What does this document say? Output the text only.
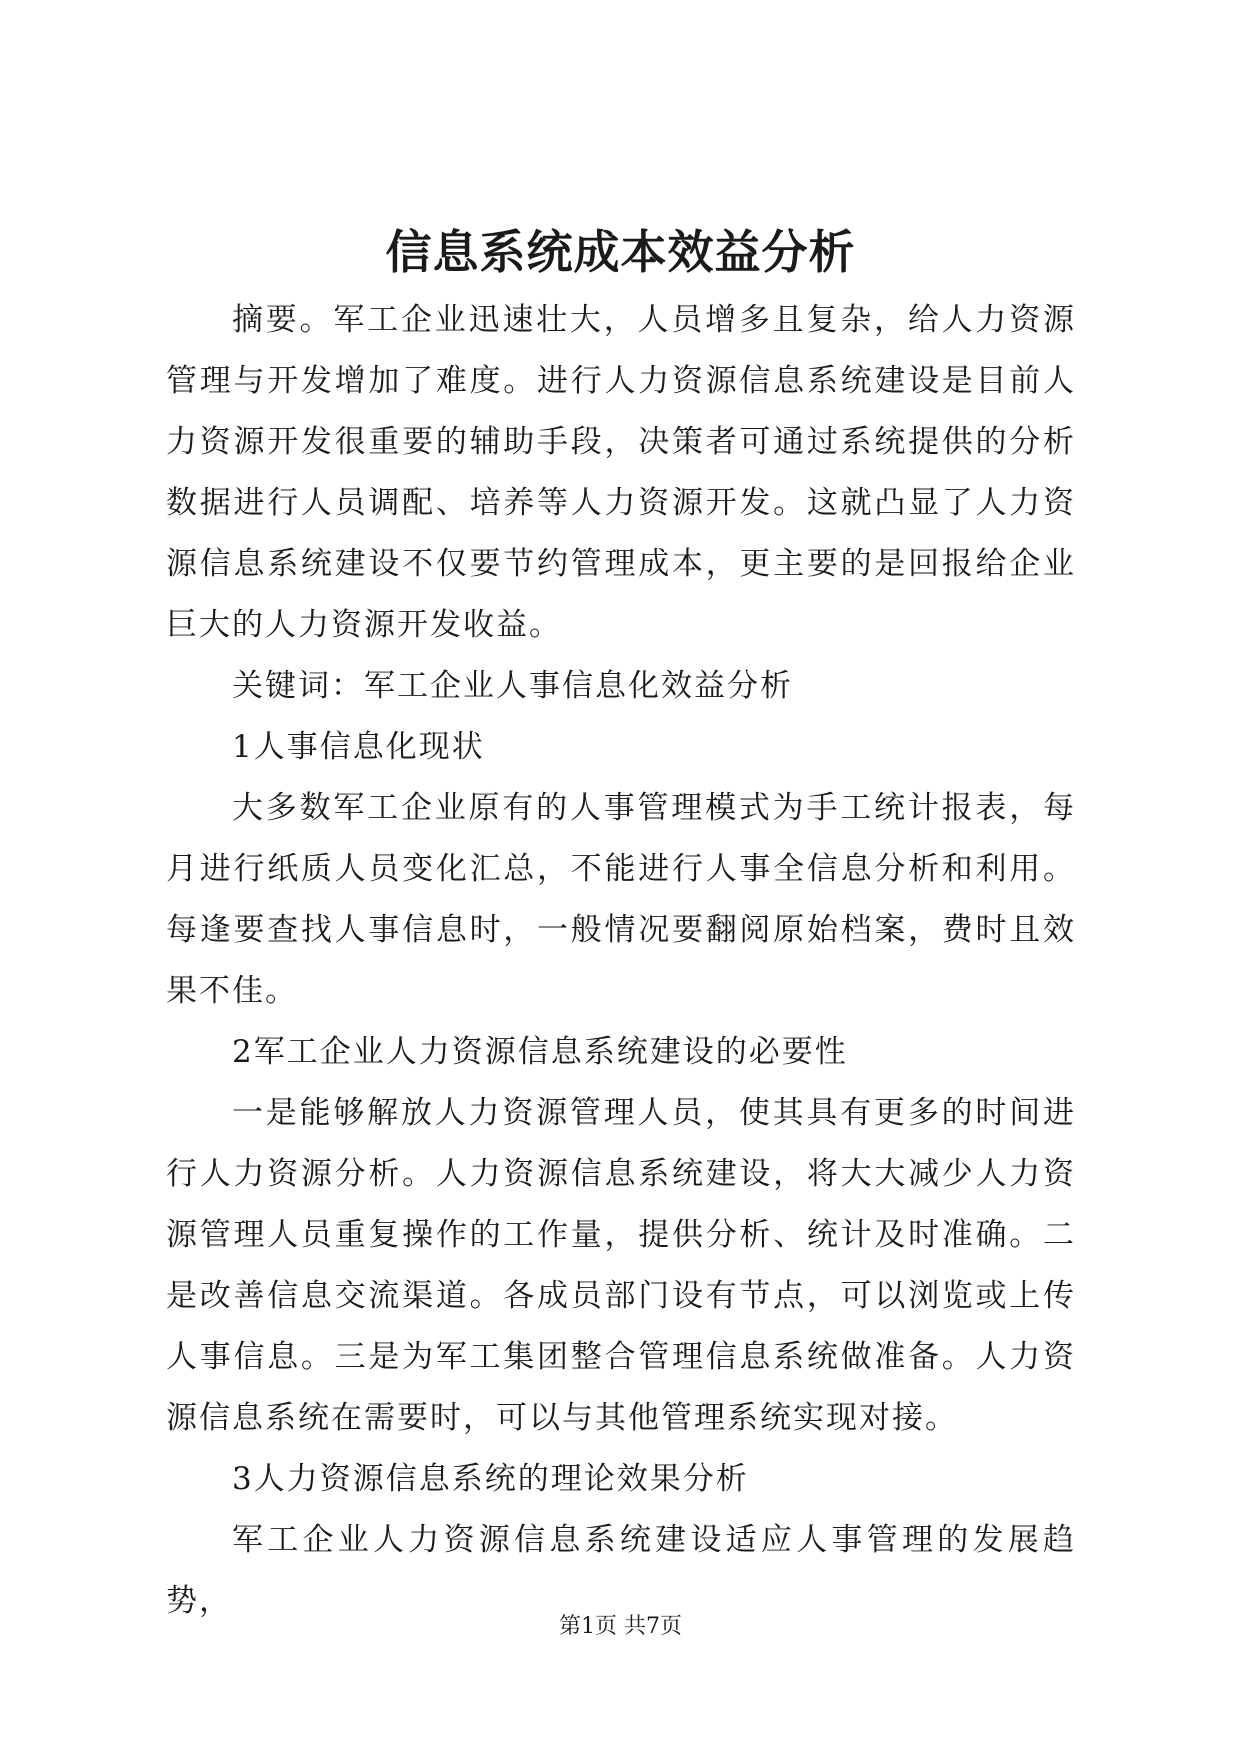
信息系统成本效益分析

摘要。军工企业迅速壮大，人员增多且复杂，给人力资源管理与开发增加了难度。进行人力资源信息系统建设是目前人力资源开发很重要的辅助手段，决策者可通过系统提供的分析数据进行人员调配、培养等人力资源开发。这就凸显了人力资源信息系统建设不仅要节约管理成本，更主要的是回报给企业巨大的人力资源开发收益。

关键词：军工企业人事信息化效益分析

1人事信息化现状

大多数军工企业原有的人事管理模式为手工统计报表，每月进行纸质人员变化汇总，不能进行人事全信息分析和利用。每逢要查找人事信息时，一般情况要翻阅原始档案，费时且效果不佳。

2军工企业人力资源信息系统建设的必要性

一是能够解放人力资源管理人员，使其具有更多的时间进行人力资源分析。人力资源信息系统建设，将大大减少人力资源管理人员重复操作的工作量，提供分析、统计及时准确。二是改善信息交流渠道。各成员部门设有节点，可以浏览或上传人事信息。三是为军工集团整合管理信息系统做准备。人力资源信息系统在需要时，可以与其他管理系统实现对接。

3人力资源信息系统的理论效果分析

军工企业人力资源信息系统建设适应人事管理的发展趋势，

第1页 共7页
